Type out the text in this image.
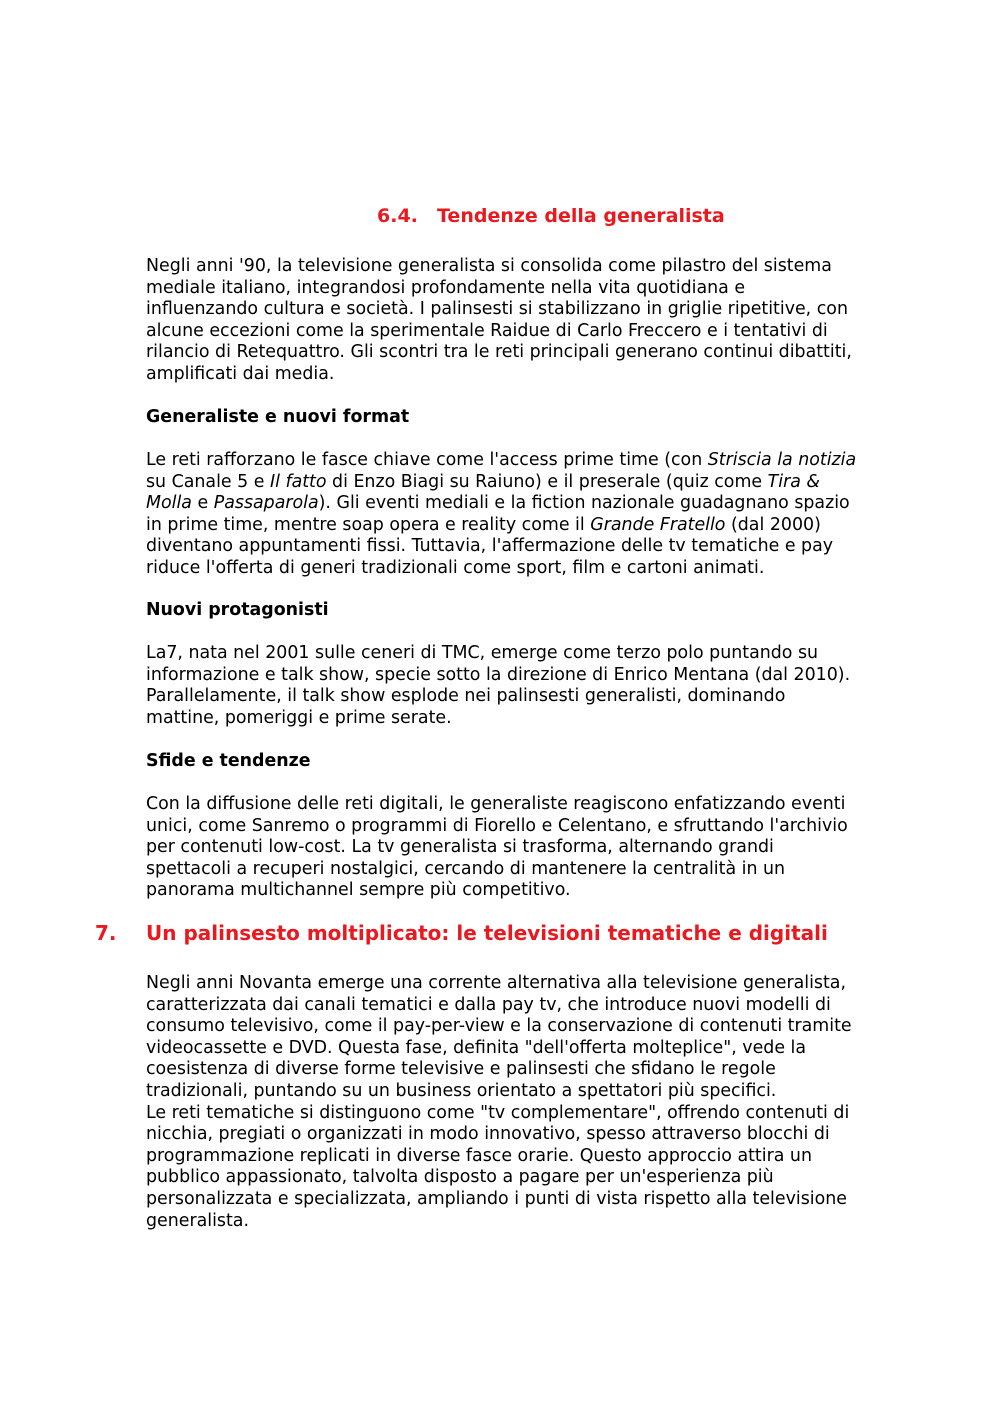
6.4. Tendenze della generalista
Negli anni '90, la televisione generalista si consolida come pilastro del sistema
mediale italiano, integrandosi profondamente nella vita quotidiana e
influenzando cultura e società. I palinsesti si stabilizzano in griglie ripetitive, con
alcune eccezioni come la sperimentale Raidue di Carlo Freccero e i tentativi di
rilancio di Retequattro. Gli scontri tra le reti principali generano continui dibattiti,
amplificati dai media.
Generaliste e nuovi format
Le reti rafforzano le fasce chiave come l'access prime time (con Striscia la notizia
su Canale 5 e Il fatto di Enzo Biagi su Raiuno) e il preserale (quiz come Tira &
Molla e Passaparola). Gli eventi mediali e la fiction nazionale guadagnano spazio
in prime time, mentre soap opera e reality come il Grande Fratello (dal 2000)
diventano appuntamenti fissi. Tuttavia, l'affermazione delle tv tematiche e pay
riduce l'offerta di generi tradizionali come sport, film e cartoni animati.
Nuovi protagonisti
La7, nata nel 2001 sulle ceneri di TMC, emerge come terzo polo puntando su
informazione e talk show, specie sotto la direzione di Enrico Mentana (dal 2010).
Parallelamente, il talk show esplode nei palinsesti generalisti, dominando
mattine, pomeriggi e prime serate.
Sfide e tendenze
Con la diffusione delle reti digitali, le generaliste reagiscono enfatizzando eventi
unici, come Sanremo o programmi di Fiorello e Celentano, e sfruttando l'archivio
per contenuti low-cost. La tv generalista si trasforma, alternando grandi
spettacoli a recuperi nostalgici, cercando di mantenere la centralità in un
panorama multichannel sempre più competitivo.
7. Un palinsesto moltiplicato: le televisioni tematiche e digitali
Negli anni Novanta emerge una corrente alternativa alla televisione generalista,
caratterizzata dai canali tematici e dalla pay tv, che introduce nuovi modelli di
consumo televisivo, come il pay-per-view e la conservazione di contenuti tramite
videocassette e DVD. Questa fase, definita "dell'offerta molteplice", vede la
coesistenza di diverse forme televisive e palinsesti che sfidano le regole
tradizionali, puntando su un business orientato a spettatori più specifici.
Le reti tematiche si distinguono come "tv complementare", offrendo contenuti di
nicchia, pregiati o organizzati in modo innovativo, spesso attraverso blocchi di
programmazione replicati in diverse fasce orarie. Questo approccio attira un
pubblico appassionato, talvolta disposto a pagare per un'esperienza più
personalizzata e specializzata, ampliando i punti di vista rispetto alla televisione
generalista.
